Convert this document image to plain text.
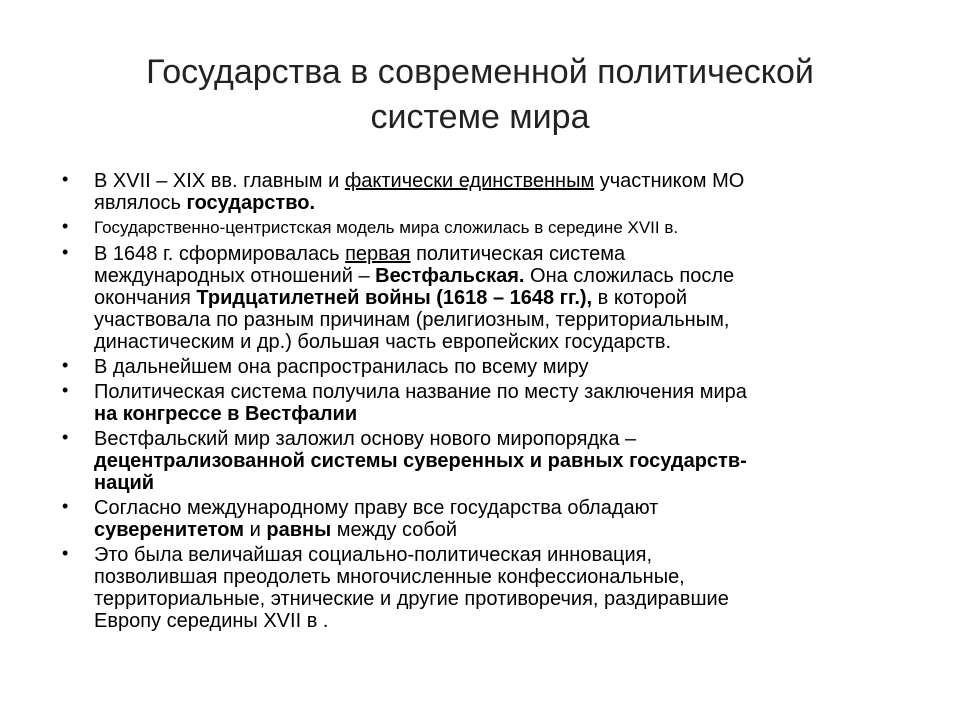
Государства в современной политической
системе мира
• В XVII – XIX вв. главным и фактически единственным участником МО
являлось государство.
• Государственно-центристская модель мира сложилась в середине XVII в.
• В 1648 г. сформировалась первая политическая система
международных отношений – Вестфальская. Она сложилась после
окончания Тридцатилетней войны (1618 – 1648 гг.), в которой
участвовала по разным причинам (религиозным, территориальным,
династическим и др.) большая часть европейских государств.
• В дальнейшем она распространилась по всему миру
• Политическая система получила название по месту заключения мира
на конгрессе в Вестфалии
• Вестфальский мир заложил основу нового миропорядка –
децентрализованной системы суверенных и равных государств-
наций
• Согласно международному праву все государства обладают
суверенитетом и равны между собой
• Это была величайшая социально-политическая инновация,
позволившая преодолеть многочисленные конфессиональные,
территориальные, этнические и другие противоречия, раздиравшие
Европу середины XVII в .
